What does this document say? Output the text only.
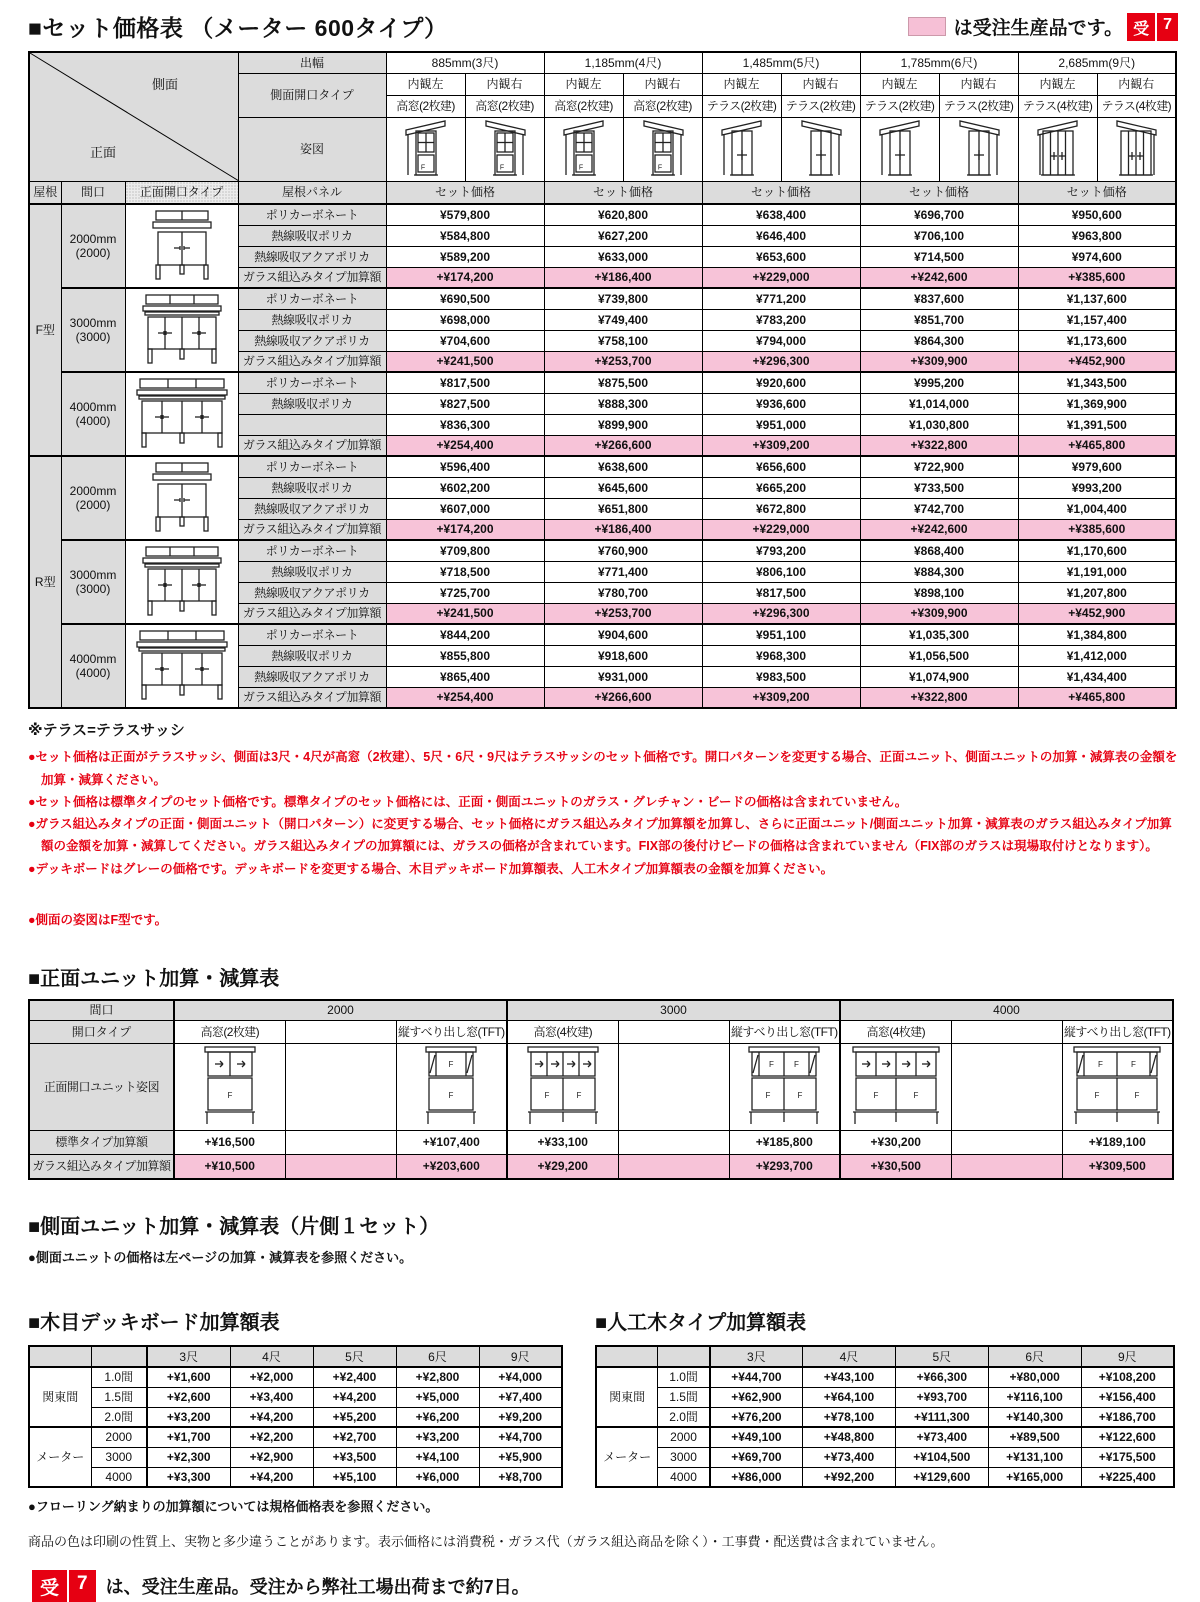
■セット価格表 （メーター 600タイプ）	は受注生産品です。 受 7
側面
正面			出幅	885mm(3尺)		1,185mm(4尺)		1,485mm(5尺)		1,785mm(6尺)		2,685mm(9尺)	
			側面開口タイプ	内観左	内観右	内観左	内観右	内観左	内観右	内観左	内観右	内観左	内観右
				高窓(2枚建)	高窓(2枚建)	高窓(2枚建)	高窓(2枚建)	テラス(2枚建)	テラス(2枚建)	テラス(2枚建)	テラス(2枚建)	テラス(4枚建)	テラス(4枚建)
			姿図	F	F	F	F

屋根	間口	正面開口タイプ	屋根パネル	セット価格		セット価格		セット価格		セット価格		セット価格	
F型	2000mm
(2000)		ポリカーボネート	¥579,800		¥620,800		¥638,400		¥696,700		¥950,600	
			熱線吸収ポリカ	¥584,800		¥627,200		¥646,400		¥706,100		¥963,800	
			熱線吸収アクアポリカ	¥589,200		¥633,000		¥653,600		¥714,500		¥974,600	
			ガラス組込みタイプ加算額	+¥174,200		+¥186,400		+¥229,000		+¥242,600		+¥385,600	
	3000mm
(3000)		ポリカーボネート	¥690,500		¥739,800		¥771,200		¥837,600		¥1,137,600	
			熱線吸収ポリカ	¥698,000		¥749,400		¥783,200		¥851,700		¥1,157,400	
			熱線吸収アクアポリカ	¥704,600		¥758,100		¥794,000		¥864,300		¥1,173,600	
			ガラス組込みタイプ加算額	+¥241,500		+¥253,700		+¥296,300		+¥309,900		+¥452,900	
	4000mm
(4000)		ポリカーボネート	¥817,500		¥875,500		¥920,600		¥995,200		¥1,343,500	
			熱線吸収ポリカ	¥827,500		¥888,300		¥936,600		¥1,014,000		¥1,369,900	
				¥836,300		¥899,900		¥951,000		¥1,030,800		¥1,391,500	
			ガラス組込みタイプ加算額	+¥254,400		+¥266,600		+¥309,200		+¥322,800		+¥465,800	
R型	2000mm
(2000)		ポリカーボネート	¥596,400		¥638,600		¥656,600		¥722,900		¥979,600	
			熱線吸収ポリカ	¥602,200		¥645,600		¥665,200		¥733,500		¥993,200	
			熱線吸収アクアポリカ	¥607,000		¥651,800		¥672,800		¥742,700		¥1,004,400	
			ガラス組込みタイプ加算額	+¥174,200		+¥186,400		+¥229,000		+¥242,600		+¥385,600	
	3000mm
(3000)		ポリカーボネート	¥709,800		¥760,900		¥793,200		¥868,400		¥1,170,600	
			熱線吸収ポリカ	¥718,500		¥771,400		¥806,100		¥884,300		¥1,191,000	
			熱線吸収アクアポリカ	¥725,700		¥780,700		¥817,500		¥898,100		¥1,207,800	
			ガラス組込みタイプ加算額	+¥241,500		+¥253,700		+¥296,300		+¥309,900		+¥452,900	
	4000mm
(4000)		ポリカーボネート	¥844,200		¥904,600		¥951,100		¥1,035,300		¥1,384,800	
			熱線吸収ポリカ	¥855,800		¥918,600		¥968,300		¥1,056,500		¥1,412,000	
			熱線吸収アクアポリカ	¥865,400		¥931,000		¥983,500		¥1,074,900		¥1,434,400	
			ガラス組込みタイプ加算額	+¥254,400		+¥266,600		+¥309,200		+¥322,800		+¥465,800	
※テラス=テラスサッシ

●セット価格は正面がテラスサッシ、側面は3尺・4尺が高窓（2枚建）、5尺・6尺・9尺はテラスサッシのセット価格です。開口パターンを変更する場合、正面ユニット、側面ユニットの加算・減算表の金額を加算・減算ください。

●セット価格は標準タイプのセット価格です。標準タイプのセット価格には、正面・側面ユニットのガラス・グレチャン・ビードの価格は含まれていません。

●ガラス組込みタイプの正面・側面ユニット（開口パターン）に変更する場合、セット価格にガラス組込みタイプ加算額を加算し、さらに正面ユニット/側面ユニット加算・減算表のガラス組込みタイプ加算額の金額を加算・減算してください。ガラス組込みタイプの加算額には、ガラスの価格が含まれています。FIX部の後付けビードの価格は含まれていません（FIX部のガラスは現場取付けとなります）。

●デッキボードはグレーの価格です。デッキボードを変更する場合、木目デッキボード加算額表、人工木タイプ加算額表の金額を加算ください。

●側面の姿図はF型です。

■正面ユニット加算・減算表
間口	2000			3000			4000		
開口タイプ	高窓(2枚建)		縦すべり出し窓(TFT)	高窓(4枚建)		縦すべり出し窓(TFT)	高窓(4枚建)		縦すべり出し窓(TFT)
正面開口ユニット姿図	F		F
F	F F		F F
F F	F F		F F
F F

標準タイプ加算額	+¥16,500		+¥107,400	+¥33,100		+¥185,800	+¥30,200		+¥189,100
ガラス組込みタイプ加算額	+¥10,500		+¥203,600	+¥29,200		+¥293,700	+¥30,500		+¥309,500
■側面ユニット加算・減算表（片側１セット）

●側面ユニットの価格は左ページの加算・減算表を参照ください。

■木目デッキボード加算額表
		3尺	4尺	5尺	6尺	9尺
関東間	1.0間	+¥1,600	+¥2,000	+¥2,400	+¥2,800	+¥4,000
	1.5間	+¥2,600	+¥3,400	+¥4,200	+¥5,000	+¥7,400
	2.0間	+¥3,200	+¥4,200	+¥5,200	+¥6,200	+¥9,200
メーター	2000	+¥1,700	+¥2,200	+¥2,700	+¥3,200	+¥4,700
	3000	+¥2,300	+¥2,900	+¥3,500	+¥4,100	+¥5,900
	4000	+¥3,300	+¥4,200	+¥5,100	+¥6,000	+¥8,700

●フローリング納まりの加算額については規格価格表を参照ください。

■人工木タイプ加算額表
		3尺	4尺	5尺	6尺	9尺
関東間	1.0間	+¥44,700	+¥43,100	+¥66,300	+¥80,000	+¥108,200
	1.5間	+¥62,900	+¥64,100	+¥93,700	+¥116,100	+¥156,400
	2.0間	+¥76,200	+¥78,100	+¥111,300	+¥140,300	+¥186,700
メーター	2000	+¥49,100	+¥48,800	+¥73,400	+¥89,500	+¥122,600
	3000	+¥69,700	+¥73,400	+¥104,500	+¥131,100	+¥175,500
	4000	+¥86,000	+¥92,200	+¥129,600	+¥165,000	+¥225,400

商品の色は印刷の性質上、実物と多少違うことがあります。表示価格には消費税・ガラス代（ガラス組込商品を除く）・工事費・配送費は含まれていません。

受 7	は、受注生産品。受注から弊社工場出荷まで約7日。
